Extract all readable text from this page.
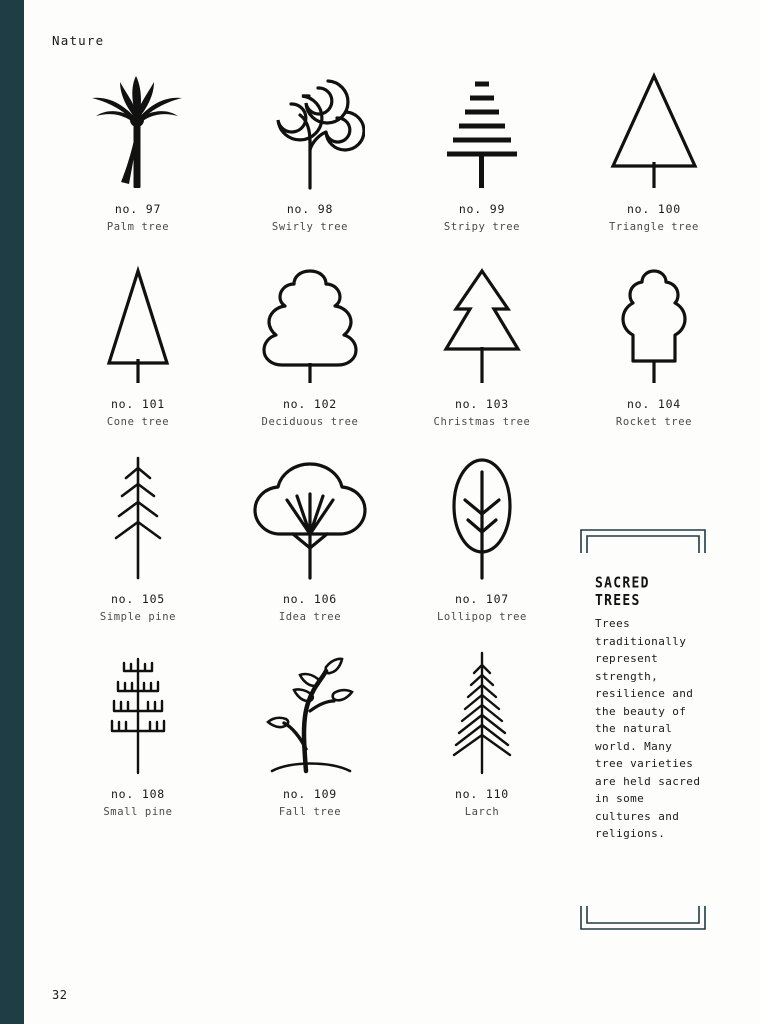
Nature
32
no. 97
Palm tree
no. 98
Swirly tree
no. 99
Stripy tree
no. 100
Triangle tree
no. 101
Cone tree
no. 102
Deciduous tree
no. 103
Christmas tree
no. 104
Rocket tree
no. 105
Simple pine
no. 106
Idea tree
no. 107
Lollipop tree
no. 108
Small pine
no. 109
Fall tree
no. 110
Larch
SACRED
TREES
Trees traditionally represent strength, resilience and the beauty of the natural world. Many tree varieties are held sacred in some cultures and religions.
